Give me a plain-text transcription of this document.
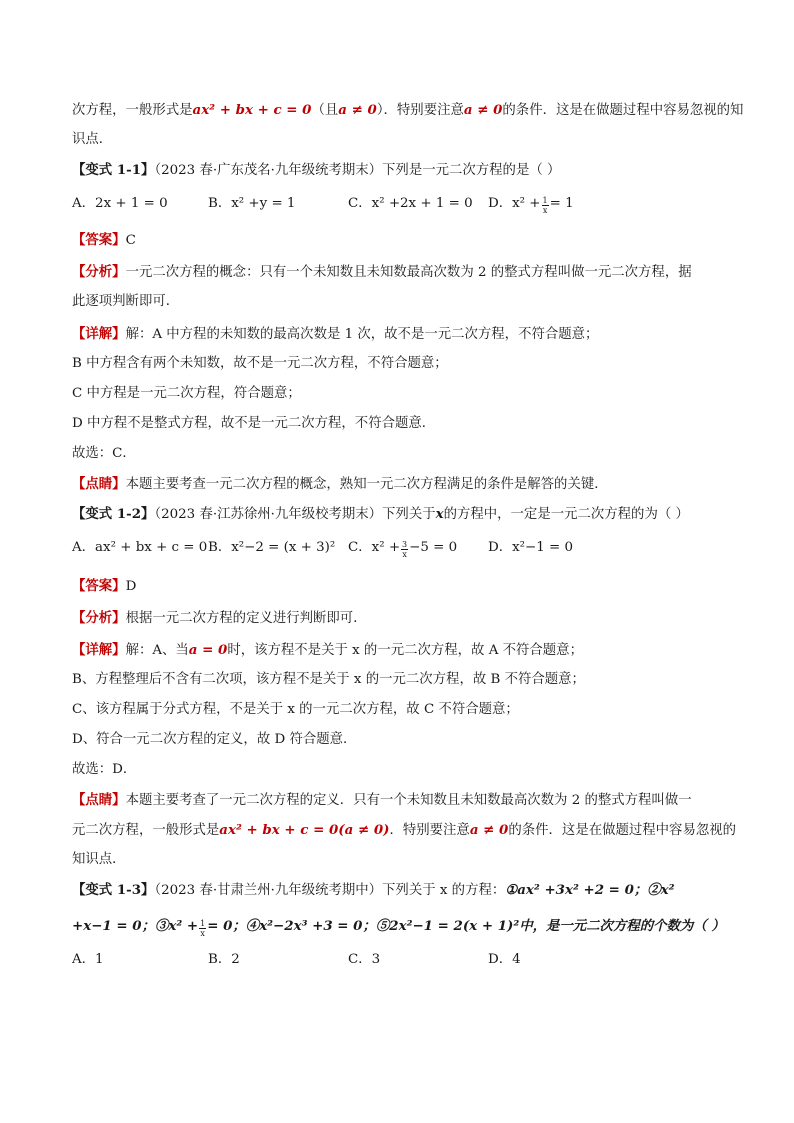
次方程，一般形式是ax² + bx + c = 0（且a ≠ 0）．特别要注意a ≠ 0的条件．这是在做题过程中容易忽视的知
识点．
【变式 1-1】（2023 春·广东茂名·九年级统考期末）下列是一元二次方程的是（ ）
A．2x + 1 = 0	B．x² +y = 1	C．x² +2x + 1 = 0 D．$x^2 + \frac{1}{x} = 1$
【答案】C
【分析】一元二次方程的概念：只有一个未知数且未知数最高次数为 2 的整式方程叫做一元二次方程，据
此逐项判断即可．
【详解】解：A 中方程的未知数的最高次数是 1 次，故不是一元二次方程，不符合题意；
B 中方程含有两个未知数，故不是一元二次方程，不符合题意；
C 中方程是一元二次方程，符合题意；
D 中方程不是整式方程，故不是一元二次方程，不符合题意．
故选：C．
【点睛】本题主要考查一元二次方程的概念，熟知一元二次方程满足的条件是解答的关键．
【变式 1-2】（2023 春·江苏徐州·九年级校考期末）下列关于x的方程中，一定是一元二次方程的为（ ）
A．ax² + bx + c = 0 B．x²−2 = (x + 3)² C．$x^2 + \frac{3}{x} -5 = 0$ D．x²−1 = 0
【答案】D
【分析】根据一元二次方程的定义进行判断即可．
【详解】解：A、当a = 0时，该方程不是关于 x 的一元二次方程，故 A 不符合题意；
B、方程整理后不含有二次项，该方程不是关于 x 的一元二次方程，故 B 不符合题意；
C、该方程属于分式方程，不是关于 x 的一元二次方程，故 C 不符合题意；
D、符合一元二次方程的定义，故 D 符合题意．
故选：D．
【点睛】本题主要考查了一元二次方程的定义．只有一个未知数且未知数最高次数为 2 的整式方程叫做一
元二次方程，一般形式是ax² + bx + c = 0(a ≠ 0)．特别要注意a ≠ 0的条件．这是在做题过程中容易忽视的
知识点．
【变式 1-3】（2023 春·甘肃兰州·九年级统考期中）下列关于 x 的方程：①ax² +3x² +2 = 0；②x²
+x−1 = 0；③x² + $\frac{1}{x} = 0$；④x²−2x³ +3 = 0；⑤2x²−1 = 2(x + 1)²中，是一元二次方程的个数为（ ）
A．1	B．2	C．3	D．4
